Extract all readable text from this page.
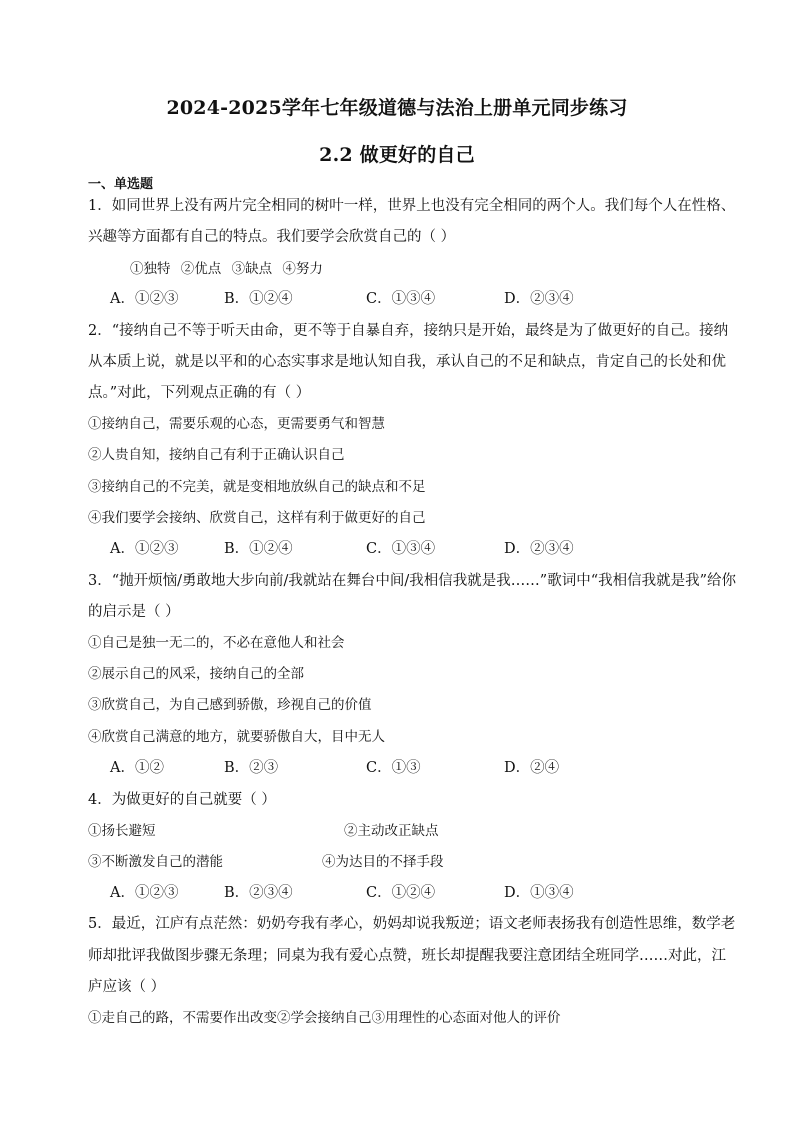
2024-2025学年七年级道德与法治上册单元同步练习
2.2 做更好的自己
一、单选题
1．如同世界上没有两片完全相同的树叶一样，世界上也没有完全相同的两个人。我们每个人在性格、
兴趣等方面都有自己的特点。我们要学会欣赏自己的（ ）
①独特 ②优点 ③缺点 ④努力
A．①②③	B．①②④	C．①③④	D．②③④
2．“接纳自己不等于听天由命，更不等于自暴自弃，接纳只是开始，最终是为了做更好的自己。接纳
从本质上说，就是以平和的心态实事求是地认知自我，承认自己的不足和缺点，肯定自己的长处和优
点。”对此，下列观点正确的有（ ）
①接纳自己，需要乐观的心态，更需要勇气和智慧
②人贵自知，接纳自己有利于正确认识自己
③接纳自己的不完美，就是变相地放纵自己的缺点和不足
④我们要学会接纳、欣赏自己，这样有利于做更好的自己
A．①②③	B．①②④	C．①③④	D．②③④
3．“抛开烦恼/勇敢地大步向前/我就站在舞台中间/我相信我就是我……”歌词中“我相信我就是我”给你
的启示是（ ）
①自己是独一无二的，不必在意他人和社会
②展示自己的风采，接纳自己的全部
③欣赏自己，为自己感到骄傲，珍视自己的价值
④欣赏自己满意的地方，就要骄傲自大，目中无人
A．①②	B．②③	C．①③	D．②④
4．为做更好的自己就要（ ）
①扬长避短	②主动改正缺点
③不断激发自己的潜能	④为达目的不择手段
A．①②③	B．②③④	C．①②④	D．①③④
5．最近，江庐有点茫然：奶奶夸我有孝心，奶妈却说我叛逆；语文老师表扬我有创造性思维，数学老
师却批评我做图步骤无条理；同桌为我有爱心点赞，班长却提醒我要注意团结全班同学……对此，江
庐应该（ ）
①走自己的路，不需要作出改变②学会接纳自己③用理性的心态面对他人的评价
